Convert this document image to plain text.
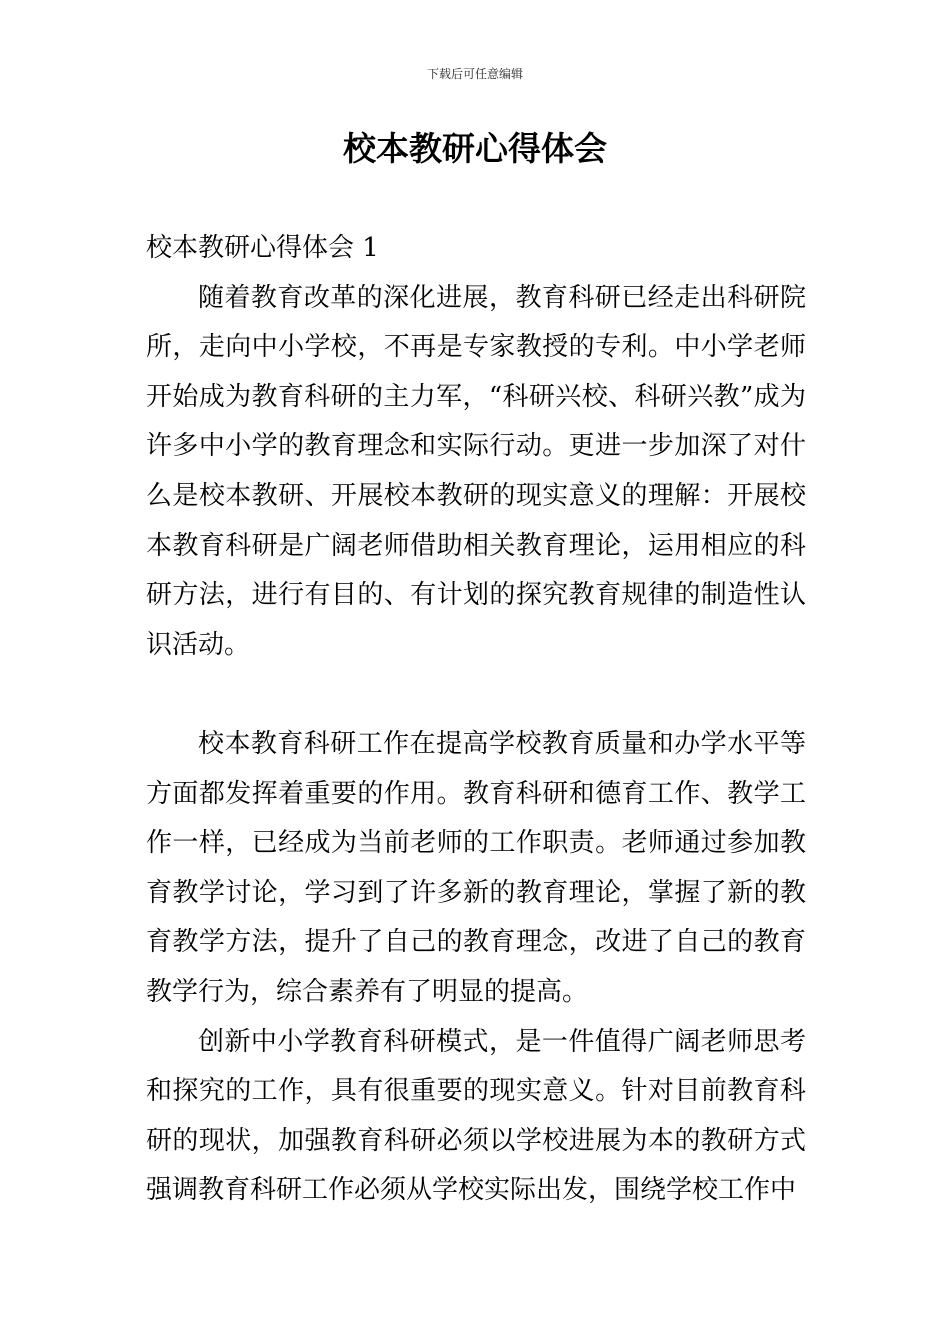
下载后可任意编辑
校本教研心得体会

校本教研心得体会 1

随着教育改革的深化进展，教育科研已经走出科研院所，走向中小学校，不再是专家教授的专利。中小学老师开始成为教育科研的主力军，“科研兴校、科研兴教”成为许多中小学的教育理念和实际行动。更进一步加深了对什么是校本教研、开展校本教研的现实意义的理解：开展校本教育科研是广阔老师借助相关教育理论，运用相应的科研方法，进行有目的、有计划的探究教育规律的制造性认识活动。

校本教育科研工作在提高学校教育质量和办学水平等方面都发挥着重要的作用。教育科研和德育工作、教学工作一样，已经成为当前老师的工作职责。老师通过参加教育教学讨论，学习到了许多新的教育理论，掌握了新的教育教学方法，提升了自己的教育理念，改进了自己的教育教学行为，综合素养有了明显的提高。

创新中小学教育科研模式，是一件值得广阔老师思考和探究的工作，具有很重要的现实意义。针对目前教育科研的现状，加强教育科研必须以学校进展为本的教研方式强调教育科研工作必须从学校实际出发，围绕学校工作中
